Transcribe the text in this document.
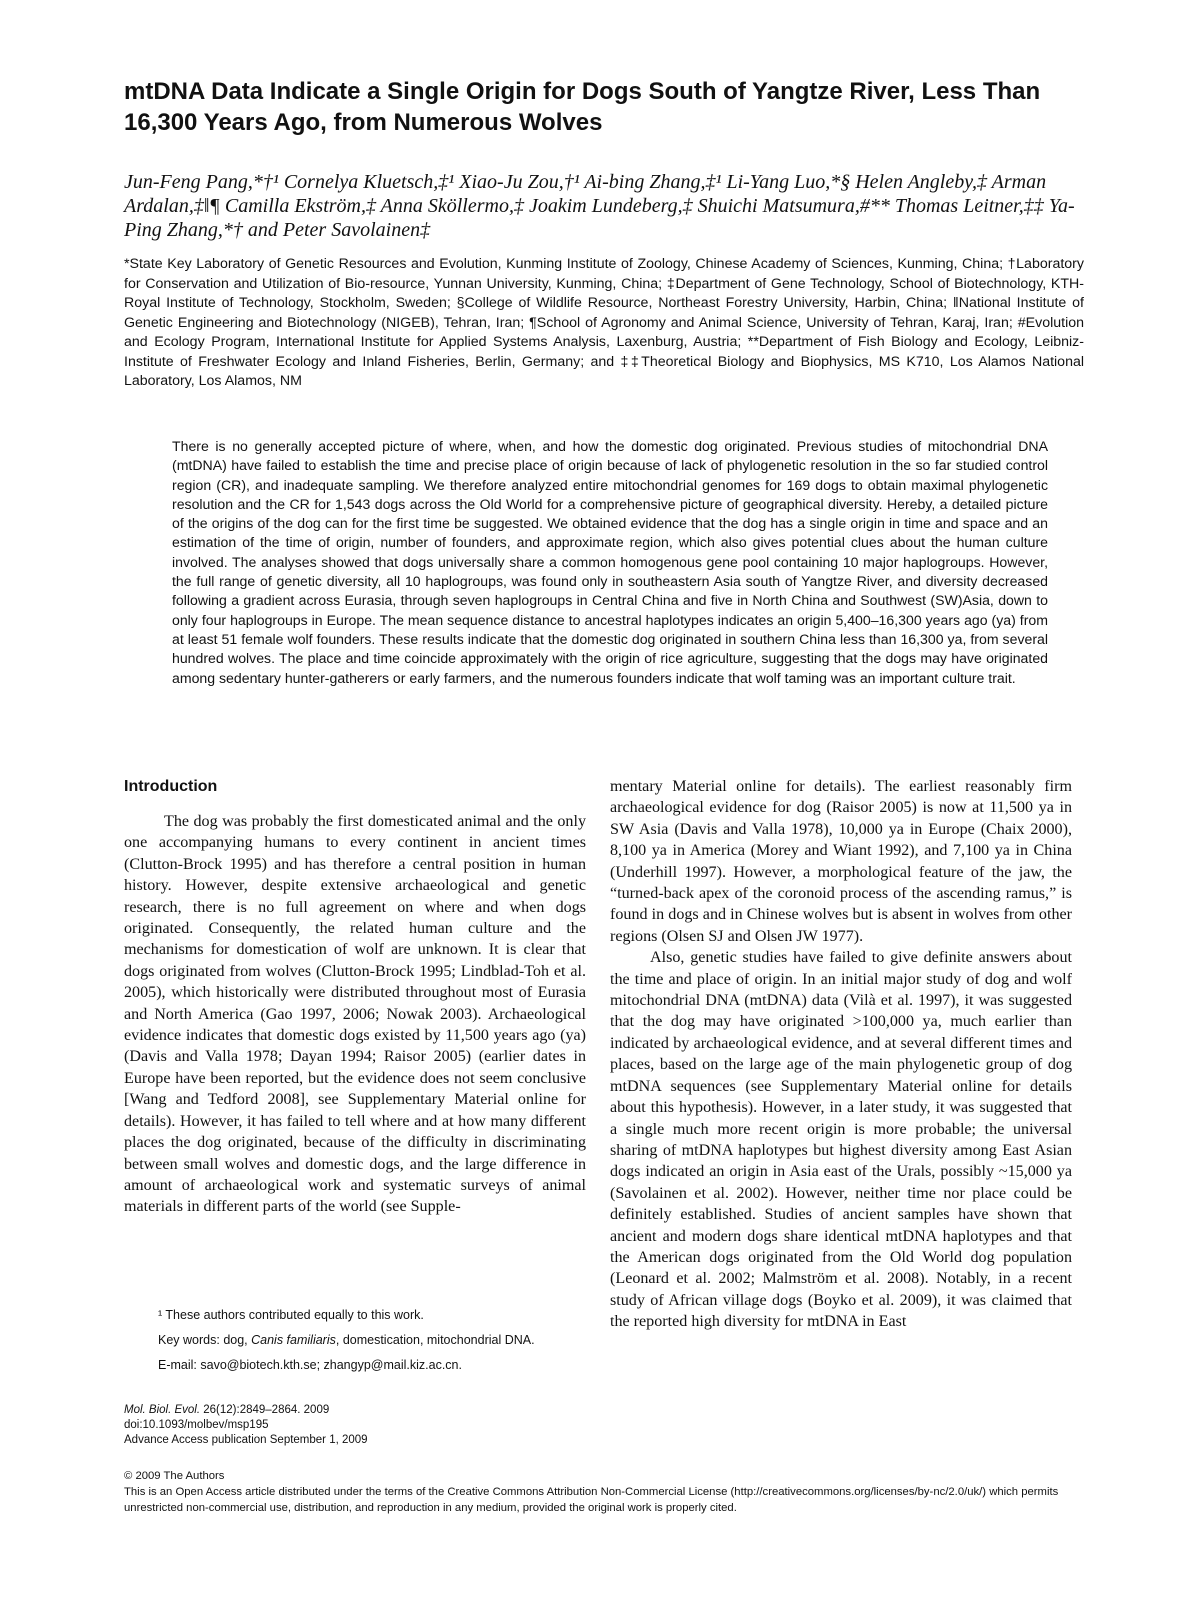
mtDNA Data Indicate a Single Origin for Dogs South of Yangtze River, Less Than 16,300 Years Ago, from Numerous Wolves

Jun-Feng Pang,*†¹ Cornelya Kluetsch,‡¹ Xiao-Ju Zou,†¹ Ai-bing Zhang,‡¹ Li-Yang Luo,*§ Helen Angleby,‡ Arman Ardalan,‡‖¶ Camilla Ekström,‡ Anna Sköllermo,‡ Joakim Lundeberg,‡ Shuichi Matsumura,#** Thomas Leitner,‡‡ Ya-Ping Zhang,*† and Peter Savolainen‡

*State Key Laboratory of Genetic Resources and Evolution, Kunming Institute of Zoology, Chinese Academy of Sciences, Kunming, China; †Laboratory for Conservation and Utilization of Bio-resource, Yunnan University, Kunming, China; ‡Department of Gene Technology, School of Biotechnology, KTH-Royal Institute of Technology, Stockholm, Sweden; §College of Wildlife Resource, Northeast Forestry University, Harbin, China; ‖National Institute of Genetic Engineering and Biotechnology (NIGEB), Tehran, Iran; ¶School of Agronomy and Animal Science, University of Tehran, Karaj, Iran; #Evolution and Ecology Program, International Institute for Applied Systems Analysis, Laxenburg, Austria; **Department of Fish Biology and Ecology, Leibniz-Institute of Freshwater Ecology and Inland Fisheries, Berlin, Germany; and ‡‡Theoretical Biology and Biophysics, MS K710, Los Alamos National Laboratory, Los Alamos, NM

There is no generally accepted picture of where, when, and how the domestic dog originated. Previous studies of mitochondrial DNA (mtDNA) have failed to establish the time and precise place of origin because of lack of phylogenetic resolution in the so far studied control region (CR), and inadequate sampling. We therefore analyzed entire mitochondrial genomes for 169 dogs to obtain maximal phylogenetic resolution and the CR for 1,543 dogs across the Old World for a comprehensive picture of geographical diversity. Hereby, a detailed picture of the origins of the dog can for the first time be suggested. We obtained evidence that the dog has a single origin in time and space and an estimation of the time of origin, number of founders, and approximate region, which also gives potential clues about the human culture involved. The analyses showed that dogs universally share a common homogenous gene pool containing 10 major haplogroups. However, the full range of genetic diversity, all 10 haplogroups, was found only in southeastern Asia south of Yangtze River, and diversity decreased following a gradient across Eurasia, through seven haplogroups in Central China and five in North China and Southwest (SW)Asia, down to only four haplogroups in Europe. The mean sequence distance to ancestral haplotypes indicates an origin 5,400–16,300 years ago (ya) from at least 51 female wolf founders. These results indicate that the domestic dog originated in southern China less than 16,300 ya, from several hundred wolves. The place and time coincide approximately with the origin of rice agriculture, suggesting that the dogs may have originated among sedentary hunter-gatherers or early farmers, and the numerous founders indicate that wolf taming was an important culture trait.

Introduction

The dog was probably the first domesticated animal and the only one accompanying humans to every continent in ancient times (Clutton-Brock 1995) and has therefore a central position in human history. However, despite extensive archaeological and genetic research, there is no full agreement on where and when dogs originated. Consequently, the related human culture and the mechanisms for domestication of wolf are unknown. It is clear that dogs originated from wolves (Clutton-Brock 1995; Lindblad-Toh et al. 2005), which historically were distributed throughout most of Eurasia and North America (Gao 1997, 2006; Nowak 2003). Archaeological evidence indicates that domestic dogs existed by 11,500 years ago (ya) (Davis and Valla 1978; Dayan 1994; Raisor 2005) (earlier dates in Europe have been reported, but the evidence does not seem conclusive [Wang and Tedford 2008], see Supplementary Material online for details). However, it has failed to tell where and at how many different places the dog originated, because of the difficulty in discriminating between small wolves and domestic dogs, and the large difference in amount of archaeological work and systematic surveys of animal materials in different parts of the world (see Supple-

mentary Material online for details). The earliest reasonably firm archaeological evidence for dog (Raisor 2005) is now at 11,500 ya in SW Asia (Davis and Valla 1978), 10,000 ya in Europe (Chaix 2000), 8,100 ya in America (Morey and Wiant 1992), and 7,100 ya in China (Underhill 1997). However, a morphological feature of the jaw, the “turned-back apex of the coronoid process of the ascending ramus,” is found in dogs and in Chinese wolves but is absent in wolves from other regions (Olsen SJ and Olsen JW 1977).

Also, genetic studies have failed to give definite answers about the time and place of origin. In an initial major study of dog and wolf mitochondrial DNA (mtDNA) data (Vilà et al. 1997), it was suggested that the dog may have originated >100,000 ya, much earlier than indicated by archaeological evidence, and at several different times and places, based on the large age of the main phylogenetic group of dog mtDNA sequences (see Supplementary Material online for details about this hypothesis). However, in a later study, it was suggested that a single much more recent origin is more probable; the universal sharing of mtDNA haplotypes but highest diversity among East Asian dogs indicated an origin in Asia east of the Urals, possibly ~15,000 ya (Savolainen et al. 2002). However, neither time nor place could be definitely established. Studies of ancient samples have shown that ancient and modern dogs share identical mtDNA haplotypes and that the American dogs originated from the Old World dog population (Leonard et al. 2002; Malmström et al. 2008). Notably, in a recent study of African village dogs (Boyko et al. 2009), it was claimed that the reported high diversity for mtDNA in East

¹ These authors contributed equally to this work.

Key words: dog, Canis familiaris, domestication, mitochondrial DNA.

E-mail: savo@biotech.kth.se; zhangyp@mail.kiz.ac.cn.

Mol. Biol. Evol. 26(12):2849–2864. 2009

doi:10.1093/molbev/msp195

Advance Access publication September 1, 2009

© 2009 The Authors

This is an Open Access article distributed under the terms of the Creative Commons Attribution Non-Commercial License (http://creativecommons.org/licenses/by-nc/2.0/uk/) which permits unrestricted non-commercial use, distribution, and reproduction in any medium, provided the original work is properly cited.
